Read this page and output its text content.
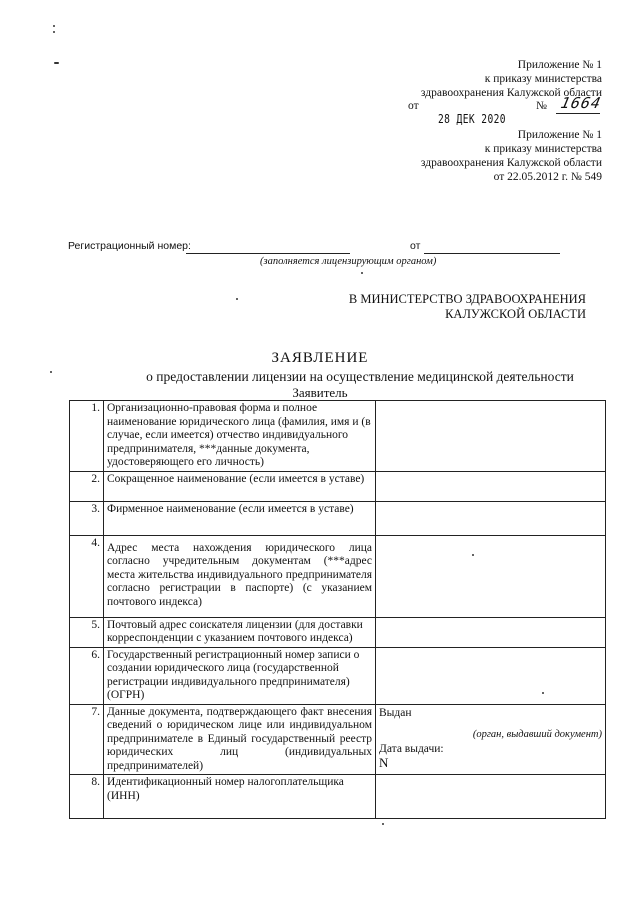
Приложение № 1
к приказу министерства
здравоохранения Калужской области
от	№ 1664
28 ДЕК 2020
Приложение № 1
к приказу министерства
здравоохранения Калужской области
от 22.05.2012 г. № 549
Регистрационный номер:	от
(заполняется лицензирующим органом)
В МИНИСТЕРСТВО ЗДРАВООХРАНЕНИЯ
КАЛУЖСКОЙ ОБЛАСТИ
ЗАЯВЛЕНИЕ
о предоставлении лицензии на осуществление медицинской деятельности
Заявитель
1.	Организационно-правовая форма и полное наименование юридического лица (фамилия, имя и (в случае, если имеется) отчество индивидуального предпринимателя, ***данные документа, удостоверяющего его личность)	
2.	Сокращенное наименование (если имеется в уставе)	
3.	Фирменное наименование (если имеется в уставе)	
4.	Адрес места нахождения юридического лица согласно учредительным документам (***адрес места жительства индивидуального предпринимателя согласно регистрации в паспорте) (с указанием почтового индекса)	
5.	Почтовый адрес соискателя лицензии (для доставки корреспонденции с указанием почтового индекса)	
6.	Государственный регистрационный номер записи о создании юридического лица (государственной регистрации индивидуального предпринимателя) (ОГРН)	
7.	Данные документа, подтверждающего факт внесения сведений о юридическом лице или индивидуальном предпринимателе в Единый государственный реестр юридических лиц (индивидуальных предпринимателей)	Выдан
(орган, выдавший документ)
Дата выдачи:
N

8.	Идентификационный номер налогоплательщика (ИНН)	
